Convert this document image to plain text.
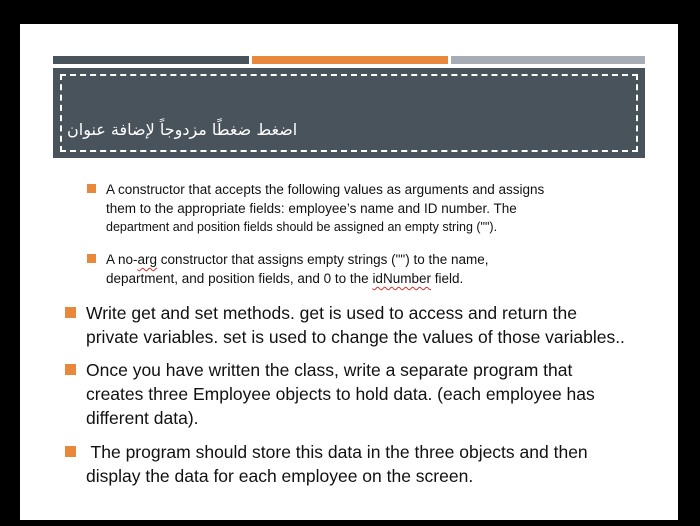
اضغط ضغطًا مزدوجاً لإضافة عنوان
A constructor that accepts the following values as arguments and assigns
them to the appropriate fields: employee’s name and ID number. The
department and position fields should be assigned an empty string ("").
A no-arg constructor that assigns empty strings ("") to the name,
department, and position fields, and 0 to the idNumber field.
Write get and set methods. get is used to access and return the
private variables. set is used to change the values of those variables..
Once you have written the class, write a separate program that
creates three Employee objects to hold data. (each employee has
different data).
The program should store this data in the three objects and then
display the data for each employee on the screen.
